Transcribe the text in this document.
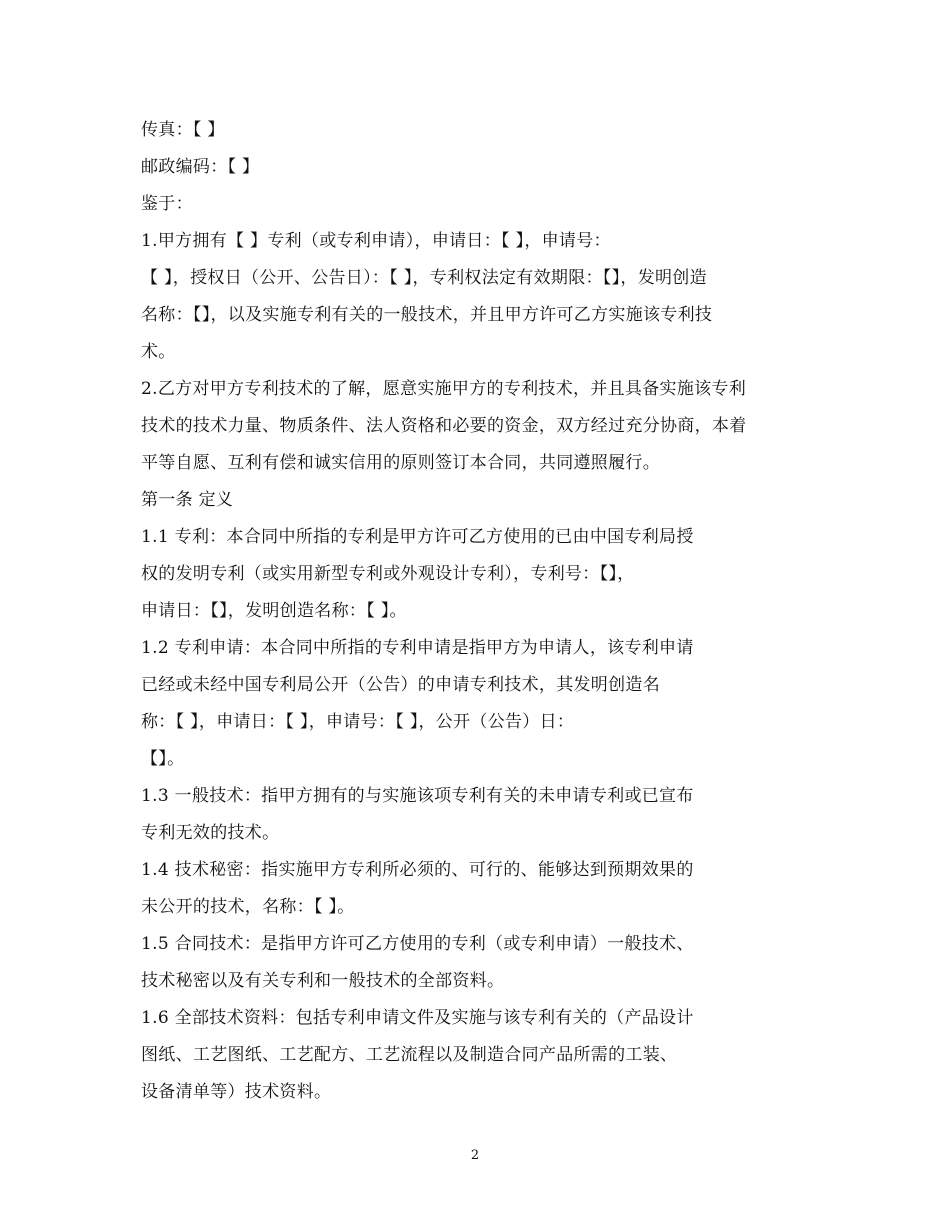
传真：【 】
邮政编码：【 】
鉴于：
1.甲方拥有【 】专利（或专利申请），申请日：【 】，申请号：
【 】，授权日（公开、公告日）：【 】，专利权法定有效期限：【】，发明创造
名称：【】，以及实施专利有关的一般技术，并且甲方许可乙方实施该专利技
术。
2.乙方对甲方专利技术的了解，愿意实施甲方的专利技术，并且具备实施该专利
技术的技术力量、物质条件、法人资格和必要的资金，双方经过充分协商，本着
平等自愿、互利有偿和诚实信用的原则签订本合同，共同遵照履行。
第一条 定义
1.1 专利：本合同中所指的专利是甲方许可乙方使用的已由中国专利局授
权的发明专利（或实用新型专利或外观设计专利），专利号：【】，
申请日：【】，发明创造名称：【 】。
1.2 专利申请：本合同中所指的专利申请是指甲方为申请人，该专利申请
已经或未经中国专利局公开（公告）的申请专利技术，其发明创造名
称：【 】，申请日：【 】，申请号：【 】，公开（公告）日：
【】。
1.3 一般技术：指甲方拥有的与实施该项专利有关的未申请专利或已宣布
专利无效的技术。
1.4 技术秘密：指实施甲方专利所必须的、可行的、能够达到预期效果的
未公开的技术，名称：【 】。
1.5 合同技术：是指甲方许可乙方使用的专利（或专利申请）一般技术、
技术秘密以及有关专利和一般技术的全部资料。
1.6 全部技术资料：包括专利申请文件及实施与该专利有关的（产品设计
图纸、工艺图纸、工艺配方、工艺流程以及制造合同产品所需的工装、
设备清单等）技术资料。
2
